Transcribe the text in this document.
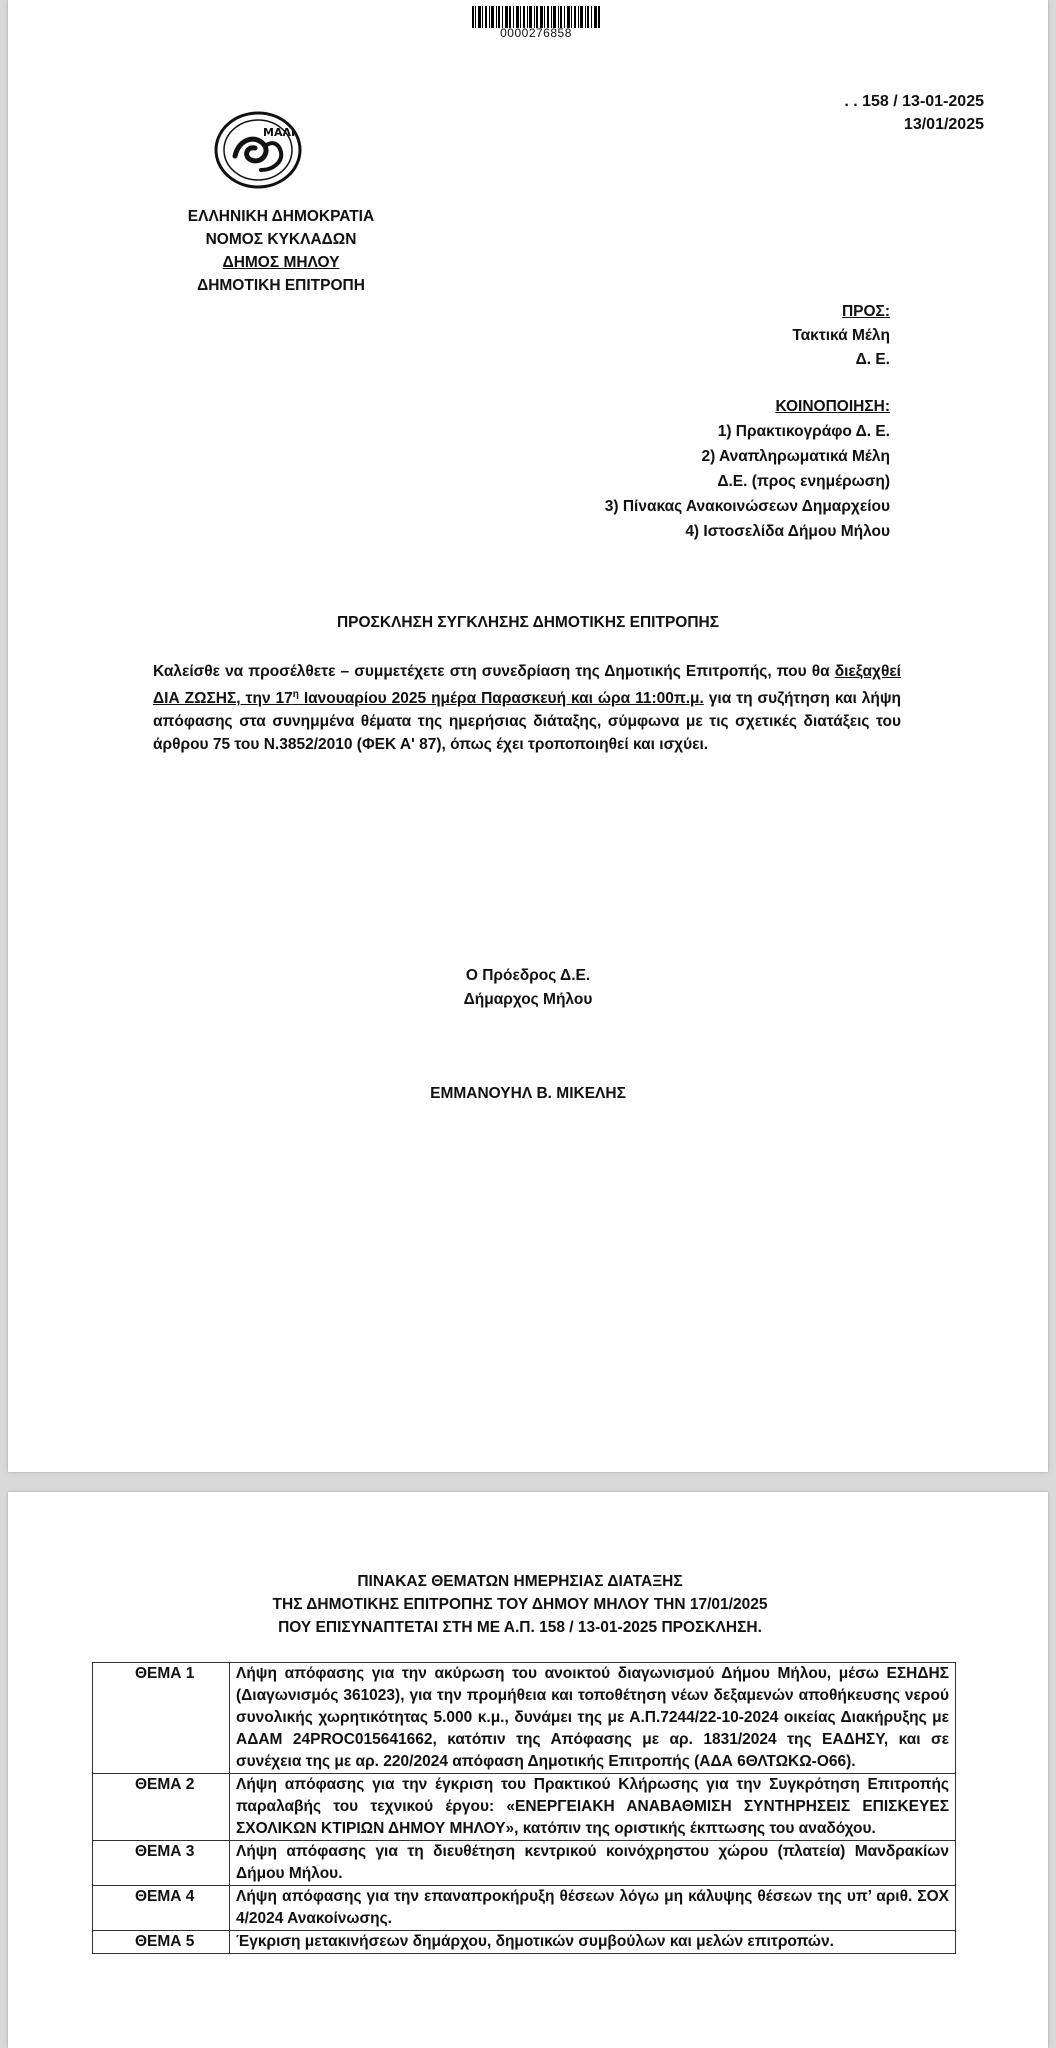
0000276858
. . 158 / 13-01-2025
13/01/2025
ΜΑΛΙ
ΕΛΛΗΝΙΚΗ ΔΗΜΟΚΡΑΤΙΑ
ΝΟΜΟΣ ΚΥΚΛΑΔΩΝ
ΔΗΜΟΣ ΜΗΛΟΥ
ΔΗΜΟΤΙΚΗ ΕΠΙΤΡΟΠΗ
ΠΡΟΣ:
Τακτικά Μέλη
Δ. Ε.
ΚΟΙΝΟΠΟΙΗΣΗ:
1) Πρακτικογράφο Δ. Ε.
2) Αναπληρωματικά Μέλη
Δ.Ε. (προς ενημέρωση)
3) Πίνακας Ανακοινώσεων Δημαρχείου
4) Ιστοσελίδα Δήμου Μήλου
ΠΡΟΣΚΛΗΣΗ ΣΥΓΚΛΗΣΗΣ ΔΗΜΟΤΙΚΗΣ ΕΠΙΤΡΟΠΗΣ
Καλείσθε να προσέλθετε – συμμετέχετε στη συνεδρίαση της Δημοτικής Επιτροπής, που θα διεξαχθεί ΔΙΑ ΖΩΣΗΣ, την $17^\eta$ Ιανουαρίου 2025 ημέρα Παρασκευή και ώρα 11:00π.μ. για τη συζήτηση και λήψη απόφασης στα συνημμένα θέματα της ημερήσιας διάταξης, σύμφωνα με τις σχετικές διατάξεις του άρθρου 75 του Ν.3852/2010 (ΦΕΚ Α' 87), όπως έχει τροποποιηθεί και ισχύει.
Ο Πρόεδρος Δ.Ε.
Δήμαρχος Μήλου
ΕΜΜΑΝΟΥΗΛ Β. ΜΙΚΕΛΗΣ
ΠΙΝΑΚΑΣ ΘΕΜΑΤΩΝ ΗΜΕΡΗΣΙΑΣ ΔΙΑΤΑΞΗΣ
ΤΗΣ ΔΗΜΟΤΙΚΗΣ ΕΠΙΤΡΟΠΗΣ ΤΟΥ ΔΗΜΟΥ ΜΗΛΟΥ ΤΗΝ 17/01/2025
ΠΟΥ ΕΠΙΣΥΝΑΠΤΕΤΑΙ ΣΤΗ ΜΕ Α.Π. 158 / 13-01-2025 ΠΡΟΣΚΛΗΣΗ.
ΘΕΜΑ 1	Λήψη απόφασης για την ακύρωση του ανοικτού διαγωνισμού Δήμου Μήλου, μέσω ΕΣΗΔΗΣ (Διαγωνισμός 361023), για την προμήθεια και τοποθέτηση νέων δεξαμενών αποθήκευσης νερού συνολικής χωρητικότητας 5.000 κ.μ., δυνάμει της με Α.Π.7244/22-10-2024 οικείας Διακήρυξης με ΑΔΑΜ 24PROC015641662, κατόπιν της Απόφασης με αρ. 1831/2024 της ΕΑΔΗΣΥ, και σε συνέχεια της με αρ. 220/2024 απόφαση Δημοτικής Επιτροπής (ΑΔΑ 6ΘΛΤΩΚΩ-Ο66).
ΘΕΜΑ 2	Λήψη απόφασης για την έγκριση του Πρακτικού Κλήρωσης για την Συγκρότηση Επιτροπής παραλαβής του τεχνικού έργου: «ΕΝΕΡΓΕΙΑΚΗ ΑΝΑΒΑΘΜΙΣΗ ΣΥΝΤΗΡΗΣΕΙΣ ΕΠΙΣΚΕΥΕΣ ΣΧΟΛΙΚΩΝ ΚΤΙΡΙΩΝ ΔΗΜΟΥ ΜΗΛΟΥ», κατόπιν της οριστικής έκπτωσης του αναδόχου.
ΘΕΜΑ 3	Λήψη απόφασης για τη διευθέτηση κεντρικού κοινόχρηστου χώρου (πλατεία) Μανδρακίων Δήμου Μήλου.
ΘΕΜΑ 4	Λήψη απόφασης για την επαναπροκήρυξη θέσεων λόγω μη κάλυψης θέσεων της υπ’ αριθ. ΣΟΧ 4/2024 Ανακοίνωσης.
ΘΕΜΑ 5	Έγκριση μετακινήσεων δημάρχου, δημοτικών συμβούλων και μελών επιτροπών.
